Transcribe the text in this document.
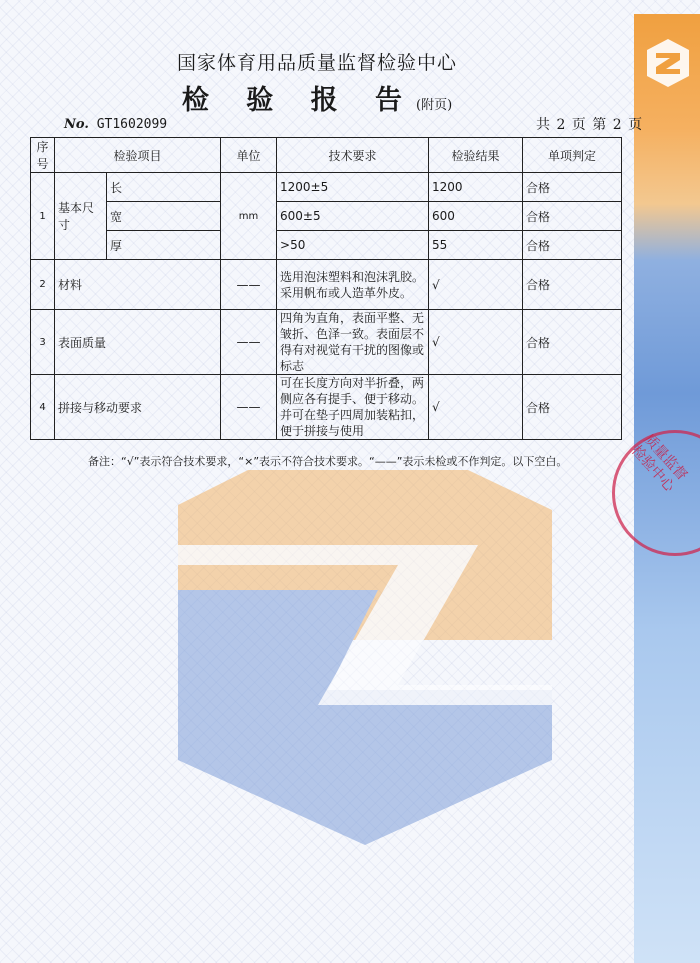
质量监督检验中心
国家体育用品质量监督检验中心
检 验 报 告(附页)
No. GT1602099	共 2 页 第 2 页
序号	检验项目		单位	技术要求	检验结果	单项判定
1	基本尺寸	长	mm	1200±5	1200	合格
		宽		600±5	600	合格
		厚		>50	55	合格
2	材料		——	选用泡沫塑料和泡沫乳胶。采用帆布或人造革外皮。	√	合格
3	表面质量		——	四角为直角，表面平整、无皱折、色泽一致。表面层不得有对视觉有干扰的图像或标志	√	合格
4	拼接与移动要求		——	可在长度方向对半折叠，两侧应各有提手、便于移动。并可在垫子四周加装粘扣，便于拼接与使用	√	合格
备注：“√”表示符合技术要求，“×”表示不符合技术要求。“——”表示未检或不作判定。以下空白。
